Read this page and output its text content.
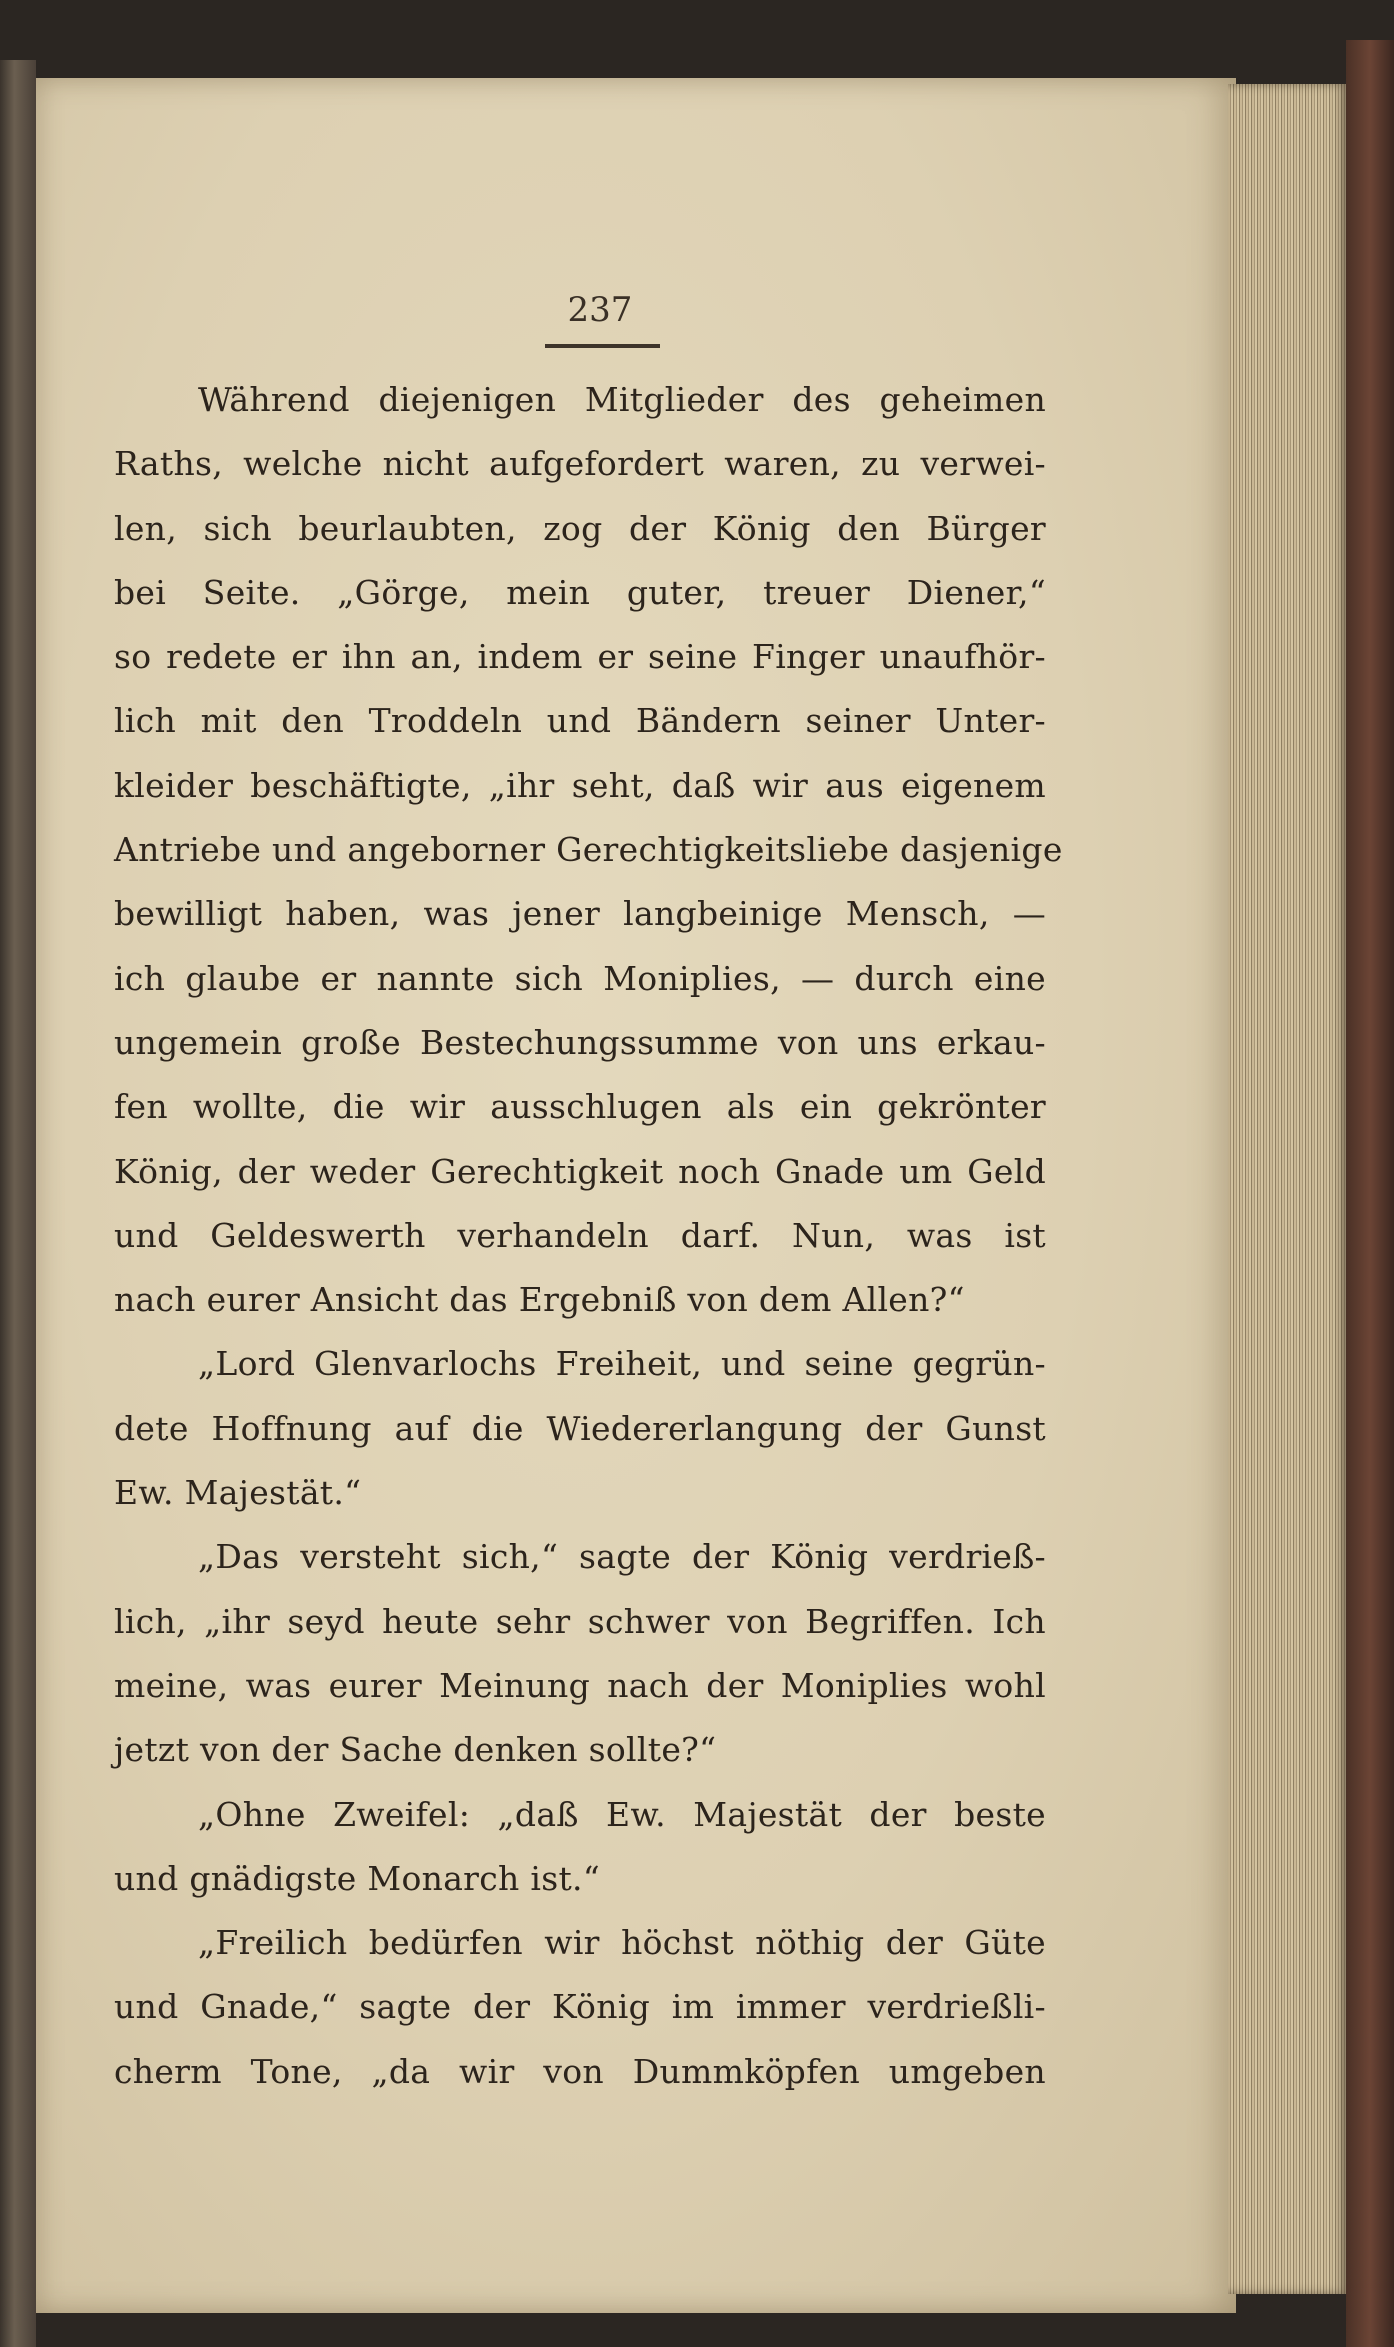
237
Während diejenigen Mitglieder des geheimen
Raths, welche nicht aufgefordert waren, zu verwei-
len, sich beurlaubten, zog der König den Bürger
bei Seite. „Görge, mein guter, treuer Diener,“
so redete er ihn an, indem er seine Finger unaufhör-
lich mit den Troddeln und Bändern seiner Unter-
kleider beschäftigte, „ihr seht, daß wir aus eigenem
Antriebe und angeborner Gerechtigkeitsliebe dasjenige
bewilligt haben, was jener langbeinige Mensch, —
ich glaube er nannte sich Moniplies, — durch eine
ungemein große Bestechungssumme von uns erkau-
fen wollte, die wir ausschlugen als ein gekrönter
König, der weder Gerechtigkeit noch Gnade um Geld
und Geldeswerth verhandeln darf. Nun, was ist
nach eurer Ansicht das Ergebniß von dem Allen?“
„Lord Glenvarlochs Freiheit, und seine gegrün-
dete Hoffnung auf die Wiedererlangung der Gunst
Ew. Majestät.“
„Das versteht sich,“ sagte der König verdrieß-
lich, „ihr seyd heute sehr schwer von Begriffen. Ich
meine, was eurer Meinung nach der Moniplies wohl
jetzt von der Sache denken sollte?“
„Ohne Zweifel: „daß Ew. Majestät der beste
und gnädigste Monarch ist.“
„Freilich bedürfen wir höchst nöthig der Güte
und Gnade,“ sagte der König im immer verdrießli-
cherm Tone, „da wir von Dummköpfen umgeben
